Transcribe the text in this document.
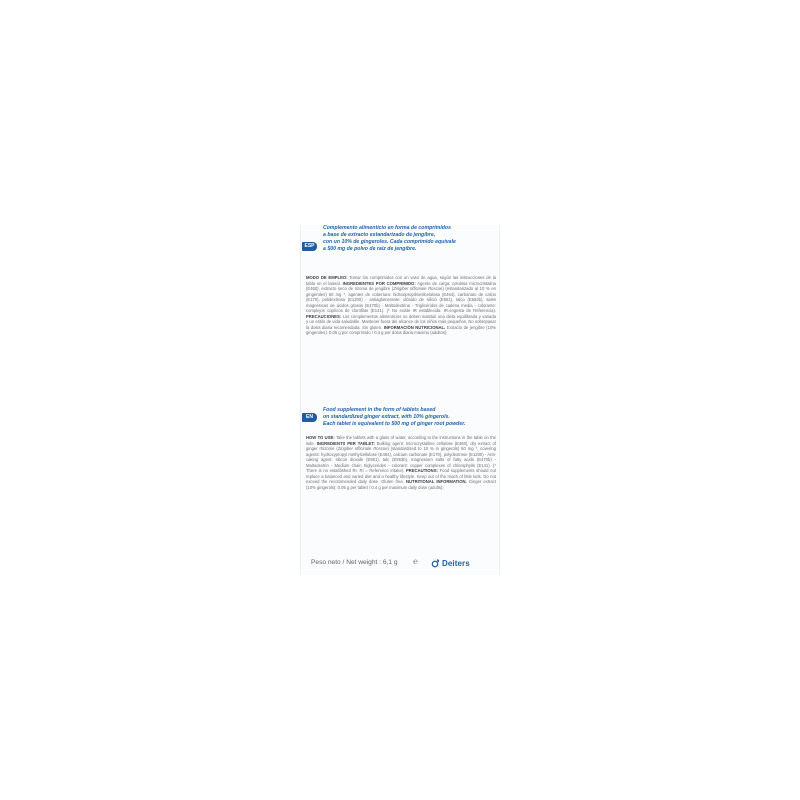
ESP
Complemento alimenticio en forma de comprimidos
a base de extracto estandarizado de jengibre,
con un 10% de gingeroles. Cada comprimido equivale
a 500 mg de polvo de raíz de jengibre.
MODO DE EMPLEO: Tomar los comprimidos con un vaso de agua, según las instrucciones de la tabla en el lateral. INGREDIENTES POR COMPRIMIDO: Agente de carga: celulosa microcristalina (E460), extracto seco de rizoma de jengibre (Zingiber officinale Roscoe) (estandarizado al 10 % en gingeroles) 50 mg *, agentes de cobertura: hidroxipropilmetilcelulosa (E464), carbonato de calcio (E170), polidextrosa (E1200) - antiaglomerante: dióxido de silicio (E551), talco (E553b), sales magnésicas de ácidos grasos (E470b) - Maltodextrina - Triglicéridos de cadena media - colorante: complejos cúpricos de clorofilas (E141). (* No existe IR establecida. IR=Ingesta de Referencia). PRECAUCIONES: Los complementos alimenticios no deben sustituir una dieta equilibrada y variada y un estilo de vida saludable. Mantener fuera del alcance de los niños más pequeños. No sobrepasar la dosis diaria recomendada. Sin gluten. INFORMACIÓN NUTRICIONAL. Extracto de jengibre (10% gingeroles): 0,05 g por comprimido / 0,4 g por dosis diaria máxima (adultos).
EN
Food supplement in the form of tablets based
on standardized ginger extract, with 10% gingerols.
Each tablet is equivalent to 500 mg of ginger root powder.
HOW TO USE: Take the tablets with a glass of water, according to the instructions in the table on the side. INGREDIENTS PER TABLET: Bulking agent: microcrystalline cellulose (E460), dry extract of ginger rhizome (Zingiber officinale Roscoe) (standardized to 10 % in gingerols) 50 mg *, covering agents: hydroxypropyl methylcellulose (E464), calcium carbonate (E170), polydextrose (E1200) - Anti-caking agent: silicon dioxide (E551), talc (E553b), magnesium salts of fatty acids (E470b) - Maltodextrin - Medium chain triglycerides - colorant: copper complexes of chlorophylls (E141). (* There is no established RI. RI = Reference Intake). PRECAUTIONS: Food supplements should not replace a balanced and varied diet and a healthy lifestyle. Keep out of the reach of little kids. Do not exceed the recommended daily dose. Gluten free. NUTRITIONAL INFORMATION. Ginger extract (10% gingerols): 0.05 g per tablet / 0.4 g per maximum daily dose (adults).
Peso neto / Net weight : 6,1 g ℮	Deiters
